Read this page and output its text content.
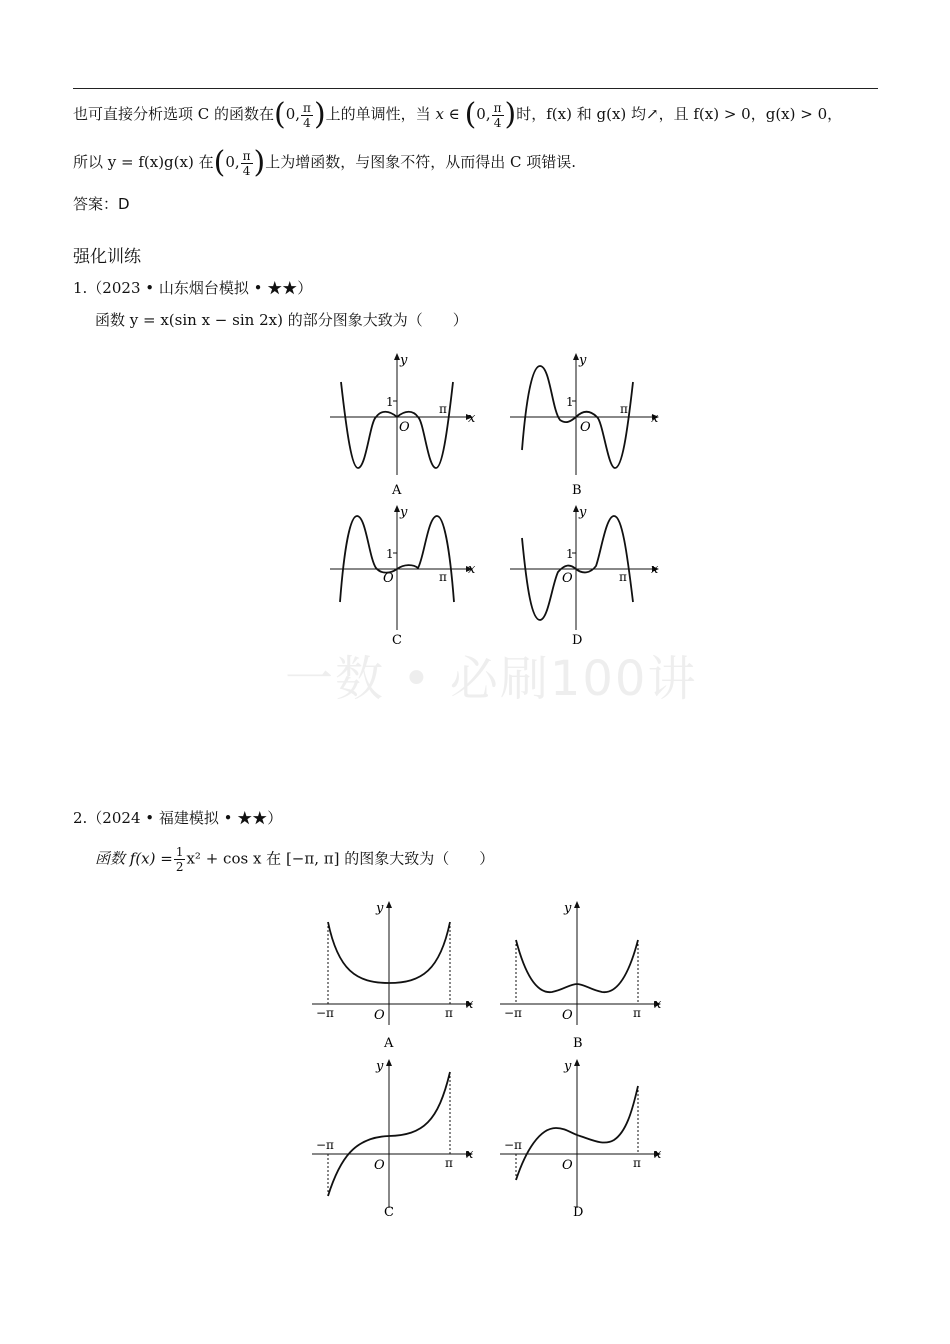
也可直接分析选项 C 的函数在(0, $\frac{\pi}{4}$ )上的单调性，当 x ∈ (0, $\frac{\pi}{4}$ )时，f(x) 和 g(x) 均↗，且 f(x) > 0，g(x) > 0，
所以 y = f(x)g(x) 在(0, $\frac{\pi}{4}$ )上为增函数，与图象不符，从而得出 C 项错误.
答案：D
强化训练
1.（2023 • 山东烟台模拟 • ★★）
函数 y = x(sin x − sin 2x) 的部分图象大致为（　　）
y
x
1
O
π
A
y
x
1
O
π
B
y
x
1
O	π
C
y
x
1
O	π
D
一数 • 必刷100讲
2.（2024 • 福建模拟 • ★★）
函数 $f(x) = \frac{1}{2} x^2 + \cos x$ 在 [−π, π] 的图象大致为（　　）
y
x
O
−π	π
A
y
x
O
−π	π
B
y
x
O
−π
π
C
y
x
O
−π
π
D
